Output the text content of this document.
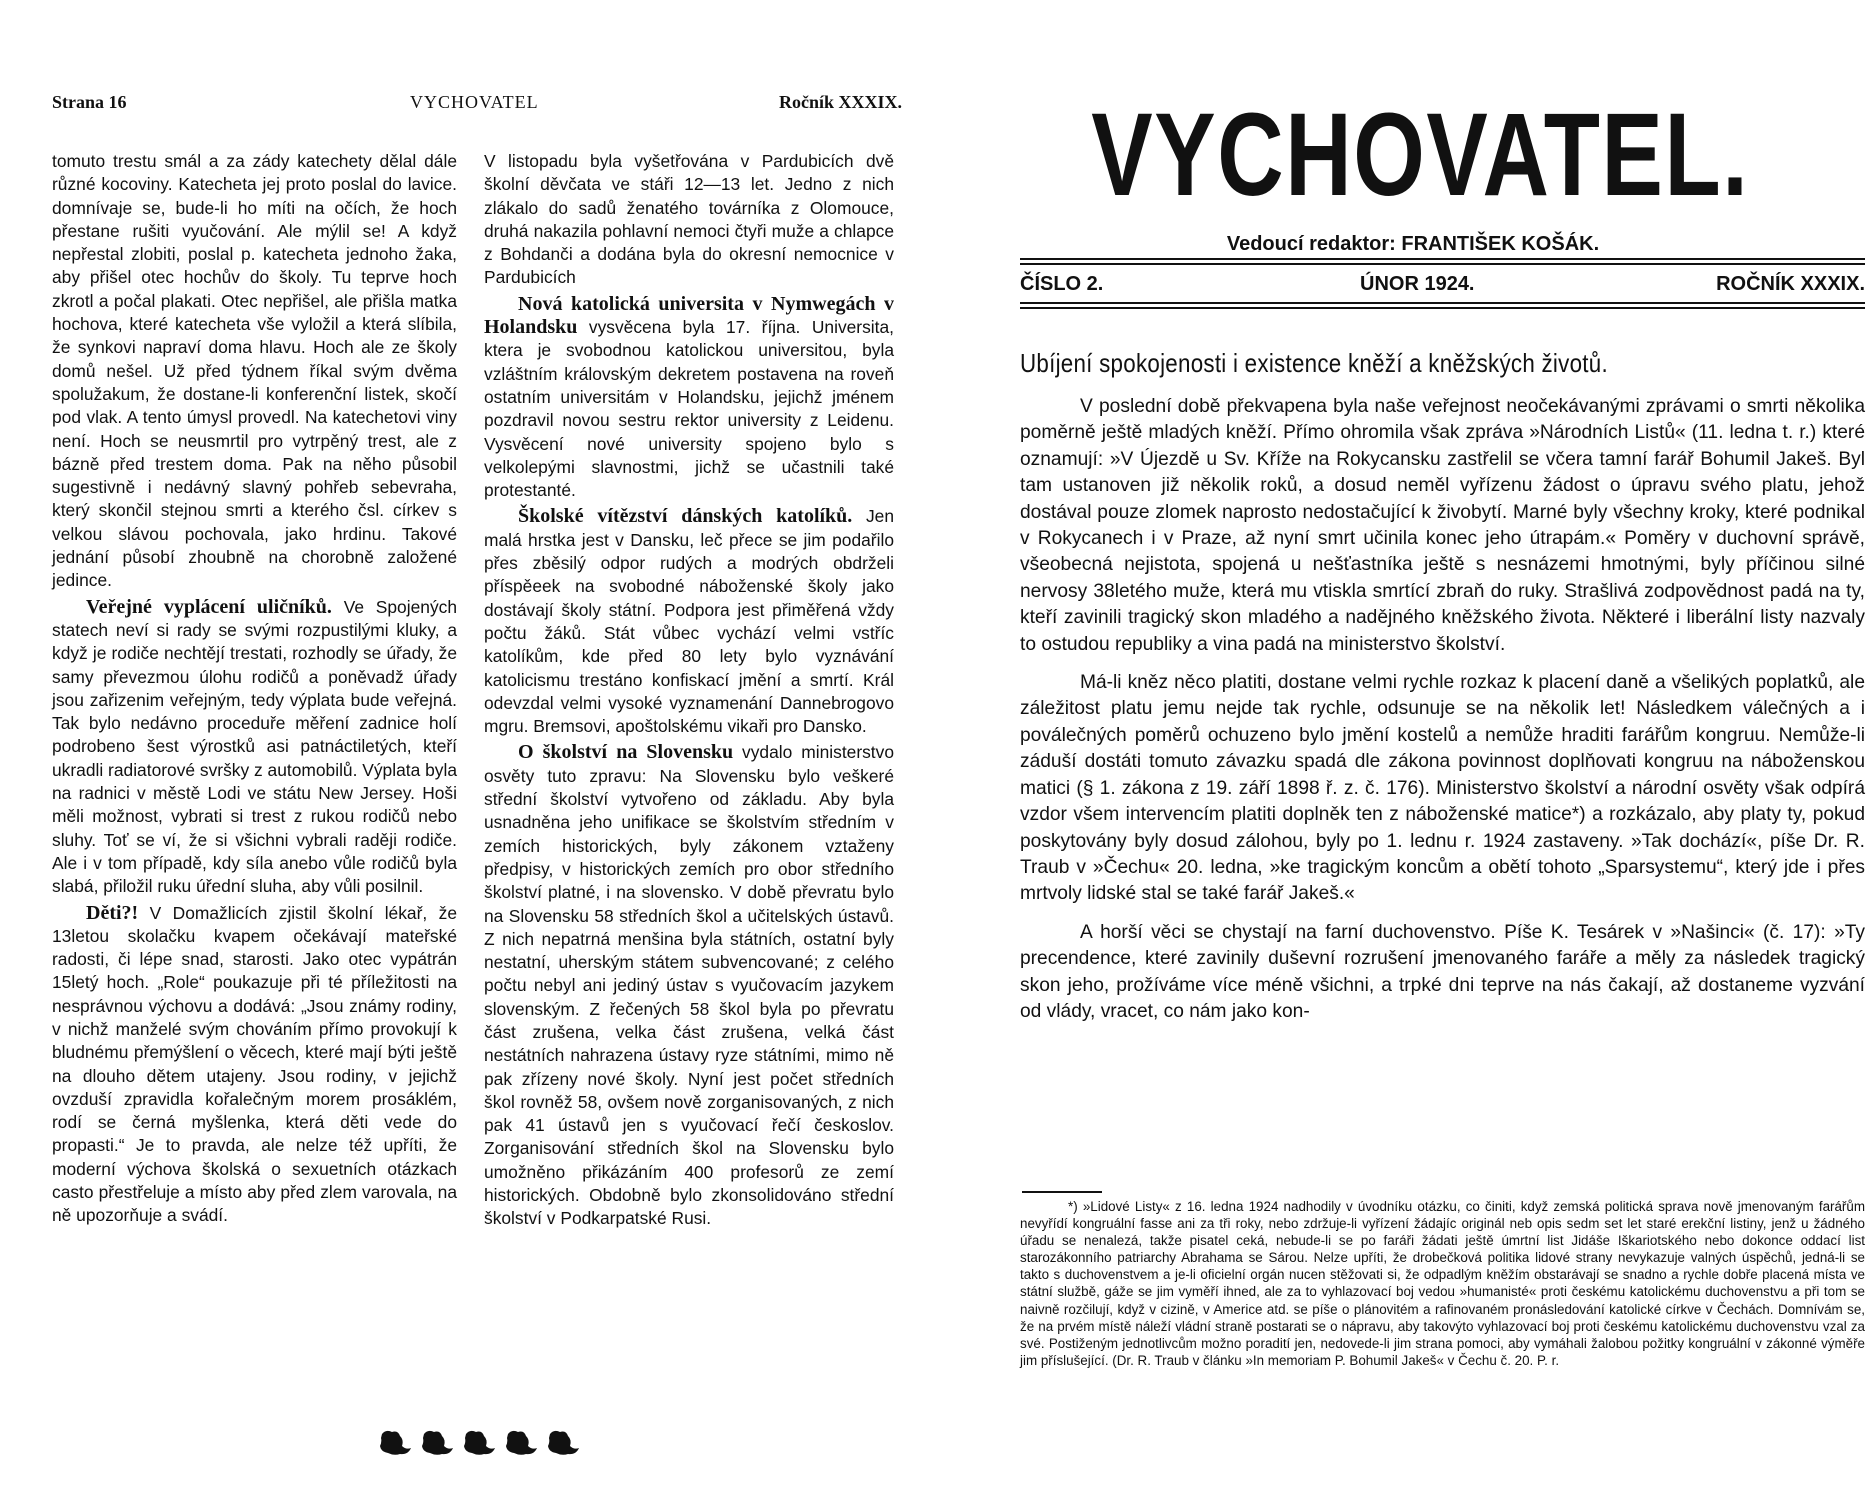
Strana 16	VYCHOVATEL	Ročník XXXIX.

tomuto trestu smál a za zády katechety dělal dále různé kocoviny. Katecheta jej proto poslal do lavice. domnívaje se, bude-li ho míti na očích, že hoch přestane rušiti vyučování. Ale mýlil se! A když nepřestal zlobiti, poslal p. katecheta jednoho žaka, aby přišel otec hochův do školy. Tu teprve hoch zkrotl a počal plakati. Otec nepřišel, ale přišla matka hochova, které katecheta vše vyložil a která slíbila, že synkovi napraví doma hlavu. Hoch ale ze školy domů nešel. Už před týdnem říkal svým dvěma spolužakum, že dostane-li konferenční listek, skočí pod vlak. A tento úmysl provedl. Na katechetovi viny není. Hoch se neusmrtil pro vytrpěný trest, ale z bázně před trestem doma. Pak na něho působil sugestivně i nedávný slavný pohřeb sebevraha, který skončil stejnou smrti a kterého čsl. církev s velkou slávou pochovala, jako hrdinu. Takové jednání působí zhoubně na chorobně založené jedince.

Veřejné vyplácení uličníků. Ve Spojených statech neví si rady se svými rozpustilými kluky, a když je rodiče nechtějí trestati, rozhodly se úřady, že samy převezmou úlohu rodičů a poněvadž úřady jsou zařizenim veřejným, tedy výplata bude veřejná. Tak bylo nedávno proceduře měření zadnice holí podrobeno šest výrostků asi patnáctiletých, kteří ukradli radiatorové svršky z automobilů. Výplata byla na radnici v městě Lodi ve státu New Jersey. Hoši měli možnost, vybrati si trest z rukou rodičů nebo sluhy. Toť se ví, že si všichni vybrali raději rodiče. Ale i v tom případě, kdy síla anebo vůle rodičů byla slabá, přiložil ruku úřední sluha, aby vůli posilnil.

Děti?! V Domažlicích zjistil školní lékař, že 13letou skolačku kvapem očekávají mateřské radosti, či lépe snad, starosti. Jako otec vypátrán 15letý hoch. „Role“ poukazuje při té příležitosti na nesprávnou výchovu a dodává: „Jsou známy rodiny, v nichž manželé svým chováním přímo provokují k bludnému přemýšlení o věcech, které mají býti ještě na dlouho dětem utajeny. Jsou rodiny, v jejichž ovzduší zpravidla kořalečným morem prosáklém, rodí se černá myšlenka, která děti vede do propasti.“ Je to pravda, ale nelze též upříti, že moderní výchova školská o sexuetních otázkach casto přestřeluje a místo aby před zlem varovala, na ně upozorňuje a svádí.

V listopadu byla vyšetřována v Pardubicích dvě školní děvčata ve stáři 12—13 let. Jedno z nich zlákalo do sadů ženatého továrníka z Olomouce, druhá nakazila pohlavní nemoci čtyři muže a chlapce z Bohdanči a dodána byla do okresní nemocnice v Pardubicích

Nová katolická universita v Nymwegách v Holandsku vysvěcena byla 17. října. Universita, ktera je svobodnou katolickou universitou, byla vzláštním královským dekretem postavena na roveň ostatním universitám v Holandsku, jejichž jménem pozdravil novou sestru rektor university z Leidenu. Vysvěcení nové university spojeno bylo s velkolepými slavnostmi, jichž se učastnili také protestanté.

Školské vítězství dánských katolíků. Jen malá hrstka jest v Dansku, leč přece se jim podařilo přes zběsilý odpor rudých a modrých obdrželi příspěeek na svobodné náboženské školy jako dostávají školy státní. Podpora jest přiměřená vždy počtu žáků. Stát vůbec vychází velmi vstříc katolíkům, kde před 80 lety bylo vyznávání katolicismu trestáno konfiskací jmění a smrtí. Král odevzdal velmi vysoké vyznamenání Dannebrogovo mgru. Bremsovi, apoštolskému vikaři pro Dansko.

O školství na Slovensku vydalo ministerstvo osvěty tuto zpravu: Na Slovensku bylo veškeré střední školství vytvořeno od základu. Aby byla usnadněna jeho unifikace se školstvím středním v zemích historických, byly zákonem vztaženy předpisy, v historických zemích pro obor středního školství platné, i na slovensko. V době převratu bylo na Slovensku 58 středních škol a učitelských ústavů. Z nich nepatrná menšina byla státních, ostatní byly nestatní, uherským státem subvencované; z celého počtu nebyl ani jediný ústav s vyučovacím jazykem slovenským. Z řečených 58 škol byla po převratu část zrušena, velka část zrušena, velká část nestátních nahrazena ústavy ryze státními, mimo ně pak zřízeny nové školy. Nyní jest počet středních škol rovněž 58, ovšem nově zorganisovaných, z nich pak 41 ústavů jen s vyučovací řečí českoslov. Zorganisování středních škol na Slovensku bylo umožněno přikázáním 400 profesorů ze zemí historických. Obdobně bylo zkonsolidováno střední školství v Podkarpatské Rusi.

VYCHOVATEL.
Vedoucí redaktor: FRANTIŠEK KOŠÁK.
ČÍSLO 2.	ÚNOR 1924.	ROČNÍK XXXIX.
Ubíjení spokojenosti i existence kněží a kněžských životů.

V poslední době překvapena byla naše veřejnost neočekávanými zprávami o smrti několika poměrně ještě mladých kněží. Přímo ohromila však zpráva »Národních Listů« (11. ledna t. r.) které oznamují: »V Újezdě u Sv. Kříže na Rokycansku zastřelil se včera tamní farář Bohumil Jakeš. Byl tam ustanoven již několik roků, a dosud neměl vyřízenu žádost o úpravu svého platu, jehož dostával pouze zlomek naprosto nedostačující k živobytí. Marné byly všechny kroky, které podnikal v Rokycanech i v Praze, až nyní smrt učinila konec jeho útrapám.« Poměry v duchovní správě, všeobecná nejistota, spojená u nešťastníka ještě s nesnázemi hmotnými, byly příčinou silné nervosy 38letého muže, která mu vtiskla smrtící zbraň do ruky. Strašlivá zodpovědnost padá na ty, kteří zavinili tragický skon mladého a nadějného kněžského života. Některé i liberální listy nazvaly to ostudou republiky a vina padá na ministerstvo školství.

Má-li kněz něco platiti, dostane velmi rychle rozkaz k placení daně a všelikých poplatků, ale záležitost platu jemu nejde tak rychle, odsunuje se na několik let! Následkem válečných a i poválečných poměrů ochuzeno bylo jmění kostelů a nemůže hraditi farářům kongruu. Nemůže-li záduší dostáti tomuto závazku spadá dle zákona povinnost doplňovati kongruu na náboženskou matici (§ 1. zákona z 19. září 1898 ř. z. č. 176). Ministerstvo školství a národní osvěty však odpírá vzdor všem intervencím platiti doplněk ten z náboženské matice*) a rozkázalo, aby platy ty, pokud poskytovány byly dosud zálohou, byly po 1. lednu r. 1924 zastaveny. »Tak dochází«, píše Dr. R. Traub v »Čechu« 20. ledna, »ke tragickým koncům a obětí tohoto „Sparsystemu“, který jde i přes mrtvoly lidské stal se také farář Jakeš.«

A horší věci se chystají na farní duchovenstvo. Píše K. Tesárek v »Našinci« (č. 17): »Ty precendence, které zavinily duševní rozrušení jmenovaného faráře a měly za následek tragický skon jeho, prožíváme více méně všichni, a trpké dni teprve na nás čakají, až dostaneme vyzvání od vlády, vracet, co nám jako kon-

*) »Lidové Listy« z 16. ledna 1924 nadhodily v úvodníku otázku, co činiti, když zemská politická sprava nově jmenovaným farářům nevyřídí kongruální fasse ani za tři roky, nebo zdržuje-li vyřízení žádajíc originál neb opis sedm set let staré erekční listiny, jenž u žádného úřadu se nenalezá, takže pisatel ceká, nebude-li se po faráři žádati ještě úmrtní list Jidáše Iškariotského nebo dokonce oddací list starozákonního patriarchy Abrahama se Sárou. Nelze upříti, že drobečková politika lidové strany nevykazuje valných úspěchů, jedná-li se takto s duchovenstvem a je-li oficielní orgán nucen stěžovati si, že odpadlým kněžím obstarávají se snadno a rychle dobře placená místa ve státní službě, gáže se jim vyměří ihned, ale za to vyhlazovací boj vedou »humanisté« proti českému katolickému duchovenstvu a při tom se naivně rozčilují, když v cizině, v Americe atd. se píše o plánovitém a rafinovaném pronásledování katolické církve v Čechách. Domnívám se, že na prvém místě náleží vládní straně postarati se o nápravu, aby takovýto vyhlazovací boj proti českému katolickému duchovenstvu vzal za své. Postiženým jednotlivcům možno poradití jen, nedovede-li jim strana pomoci, aby vymáhali žalobou požitky kongruální v zákonné výměře jim příslušející. (Dr. R. Traub v článku »In memoriam P. Bohumil Jakeš« v Čechu č. 20. P. r.
